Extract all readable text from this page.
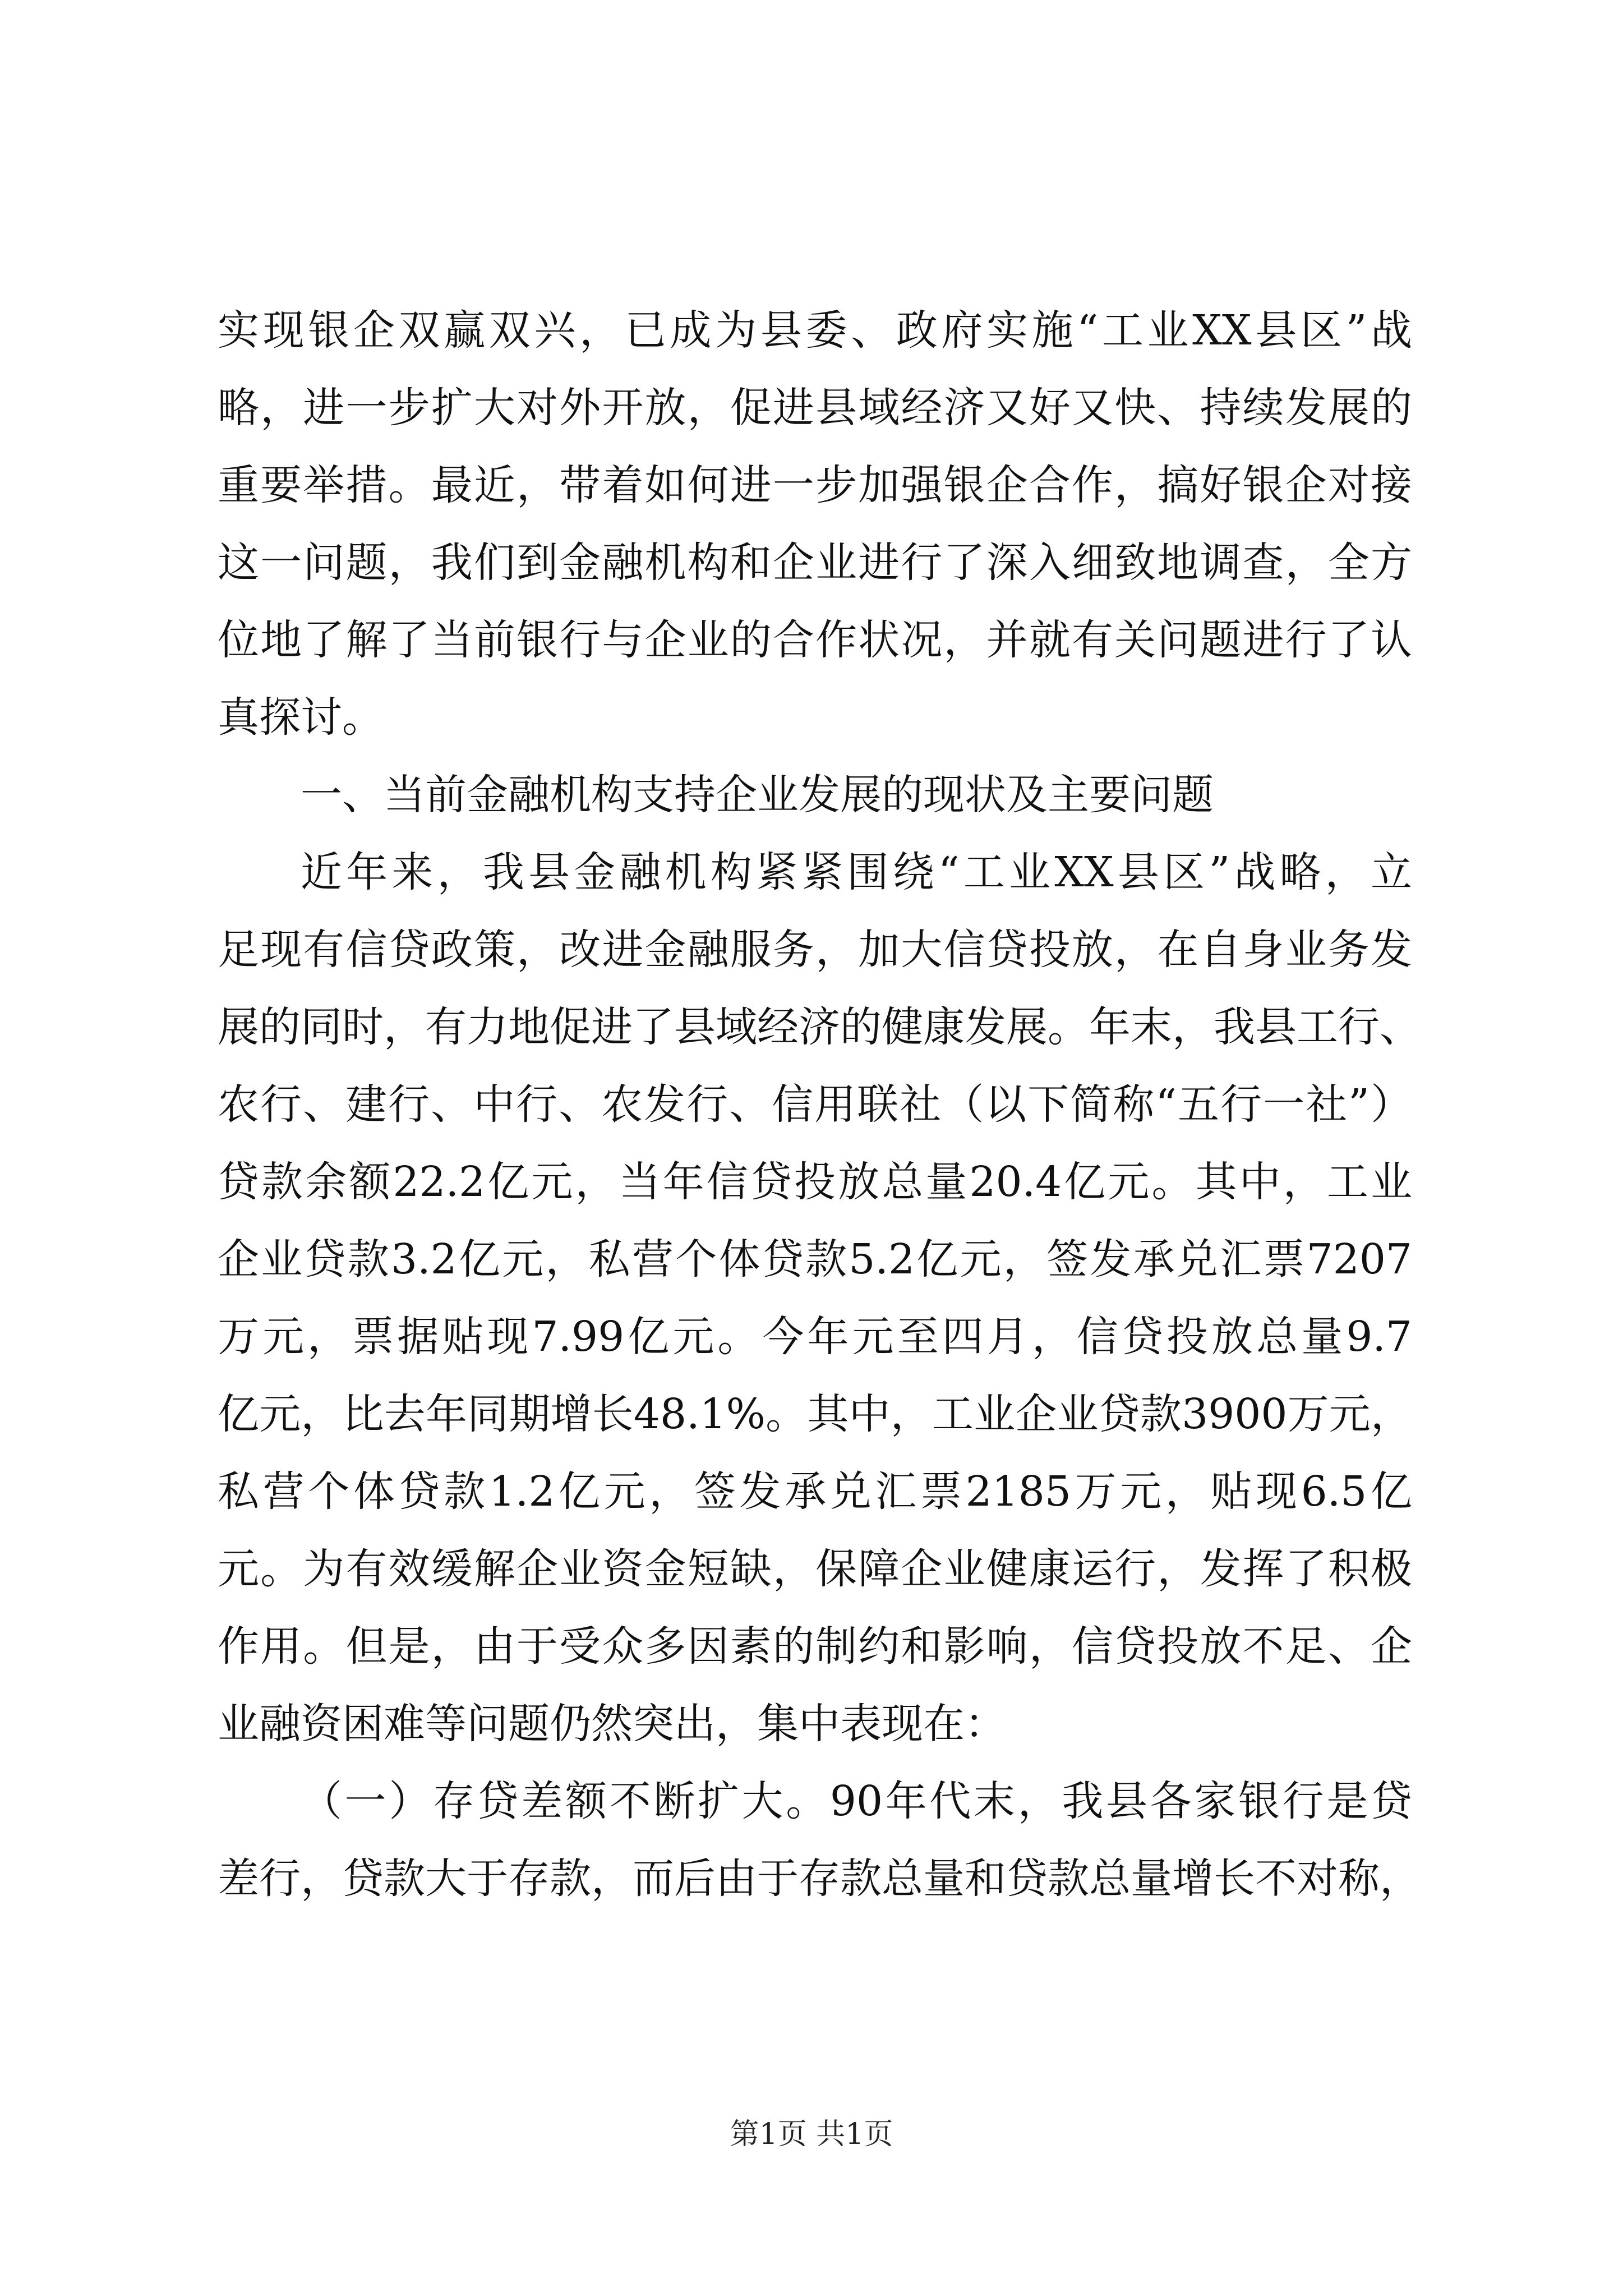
实现银企双赢双兴，已成为县委、政府实施“工业XX县区”战
略，进一步扩大对外开放，促进县域经济又好又快、持续发展的
重要举措。最近，带着如何进一步加强银企合作，搞好银企对接
这一问题，我们到金融机构和企业进行了深入细致地调查，全方
位地了解了当前银行与企业的合作状况，并就有关问题进行了认
真探讨。
一、当前金融机构支持企业发展的现状及主要问题
近年来，我县金融机构紧紧围绕“工业XX县区”战略，立
足现有信贷政策，改进金融服务，加大信贷投放，在自身业务发
展的同时，有力地促进了县域经济的健康发展。年末，我县工行、
农行、建行、中行、农发行、信用联社（以下简称“五行一社”）
贷款余额22.2亿元，当年信贷投放总量20.4亿元。其中，工业
企业贷款3.2亿元，私营个体贷款5.2亿元，签发承兑汇票7207
万元，票据贴现7.99亿元。今年元至四月，信贷投放总量9.7
亿元，比去年同期增长48.1%。其中，工业企业贷款3900万元，
私营个体贷款1.2亿元，签发承兑汇票2185万元，贴现6.5亿
元。为有效缓解企业资金短缺，保障企业健康运行，发挥了积极
作用。但是，由于受众多因素的制约和影响，信贷投放不足、企
业融资困难等问题仍然突出，集中表现在：
（一）存贷差额不断扩大。90年代末，我县各家银行是贷
差行，贷款大于存款，而后由于存款总量和贷款总量增长不对称，
第1页 共1页
